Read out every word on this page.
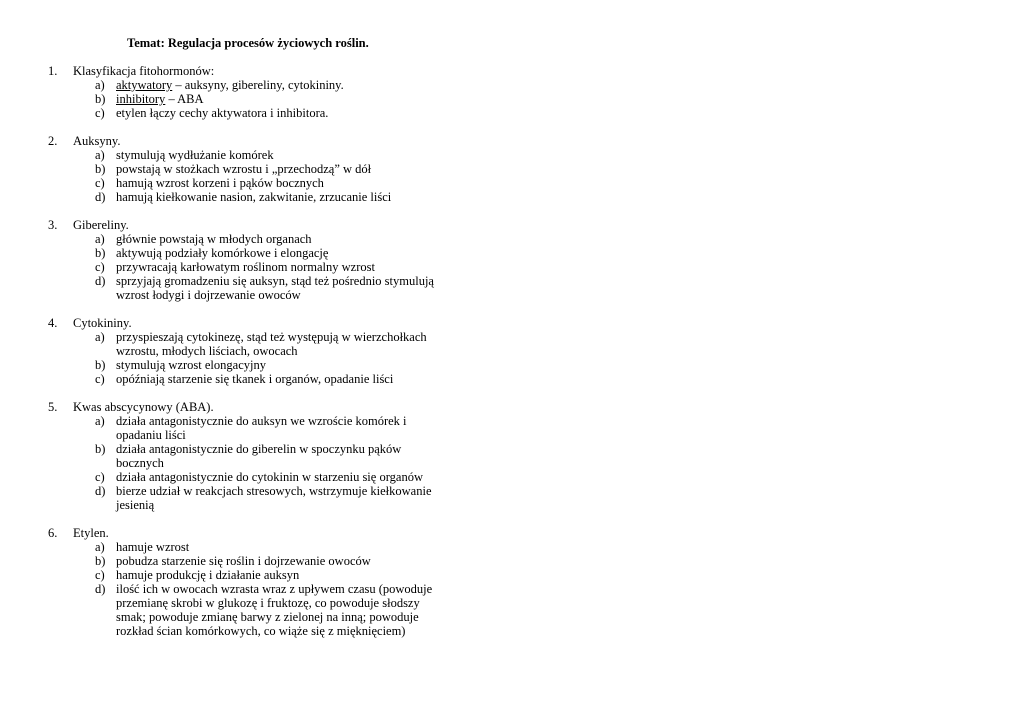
Temat: Regulacja procesów życiowych roślin.
1.	Klasyfikacja fitohormonów:
a) aktywatory – auksyny, gibereliny, cytokininy.
b) inhibitory – ABA
c) etylen łączy cechy aktywatora i inhibitora.
2.	Auksyny.
a) stymulują wydłużanie komórek
b) powstają w stożkach wzrostu i „przechodzą” w dół
c) hamują wzrost korzeni i pąków bocznych
d) hamują kiełkowanie nasion, zakwitanie, zrzucanie liści
3.	Gibereliny.
a) głównie powstają w młodych organach
b) aktywują podziały komórkowe i elongację
c) przywracają karłowatym roślinom normalny wzrost
d) sprzyjają gromadzeniu się auksyn, stąd też pośrednio stymulują wzrost łodygi i dojrzewanie owoców
4.	Cytokininy.
a) przyspieszają cytokinezę, stąd też występują w wierzchołkach wzrostu, młodych liściach, owocach
b) stymulują wzrost elongacyjny
c) opóźniają starzenie się tkanek i organów, opadanie liści
5.	Kwas abscycynowy (ABA).
a) działa antagonistycznie do auksyn we wzroście komórek i opadaniu liści
b) działa antagonistycznie do giberelin w spoczynku pąków bocznych
c) działa antagonistycznie do cytokinin w starzeniu się organów
d) bierze udział w reakcjach stresowych, wstrzymuje kiełkowanie jesienią
6.	Etylen.
a) hamuje wzrost
b) pobudza starzenie się roślin i dojrzewanie owoców
c) hamuje produkcję i działanie auksyn
d) ilość ich w owocach wzrasta wraz z upływem czasu (powoduje przemianę skrobi w glukozę i fruktozę, co powoduje słodszy smak; powoduje zmianę barwy z zielonej na inną; powoduje rozkład ścian komórkowych, co wiąże się z mięknięciem)
